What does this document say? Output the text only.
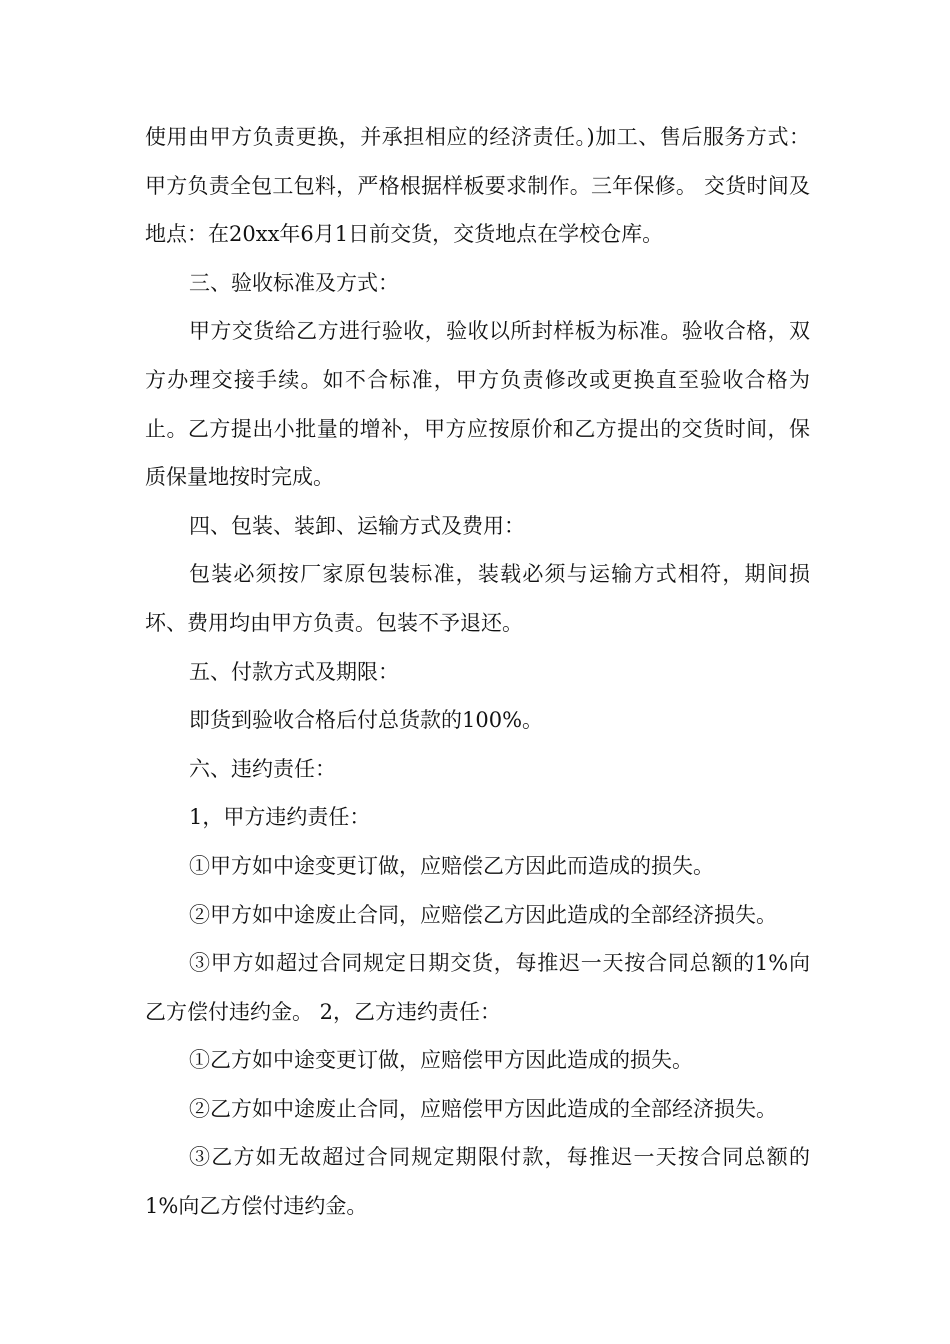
使用由甲方负责更换，并承担相应的经济责任。)加工、售后服务方式：甲方负责全包工包料，严格根据样板要求制作。三年保修。 交货时间及地点：在20xx年6月1日前交货，交货地点在学校仓库。

三、验收标准及方式：

甲方交货给乙方进行验收，验收以所封样板为标准。验收合格，双方办理交接手续。如不合标准，甲方负责修改或更换直至验收合格为止。乙方提出小批量的增补，甲方应按原价和乙方提出的交货时间，保质保量地按时完成。

四、包装、装卸、运输方式及费用：

包装必须按厂家原包装标准，装载必须与运输方式相符，期间损坏、费用均由甲方负责。包装不予退还。

五、付款方式及期限：

即货到验收合格后付总货款的100%。

六、违约责任：

1，甲方违约责任：

①甲方如中途变更订做，应赔偿乙方因此而造成的损失。

②甲方如中途废止合同，应赔偿乙方因此造成的全部经济损失。

③甲方如超过合同规定日期交货，每推迟一天按合同总额的1%向乙方偿付违约金。 2，乙方违约责任：

①乙方如中途变更订做，应赔偿甲方因此造成的损失。

②乙方如中途废止合同，应赔偿甲方因此造成的全部经济损失。

③乙方如无故超过合同规定期限付款，每推迟一天按合同总额的1%向乙方偿付违约金。
